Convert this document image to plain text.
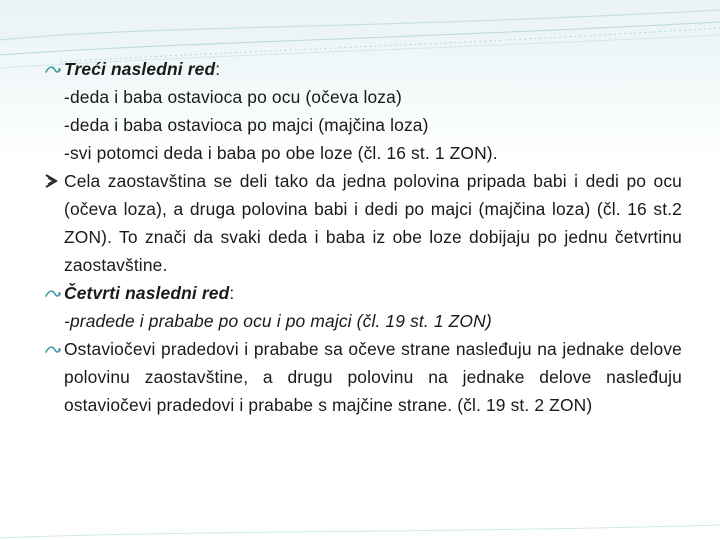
Treći nasledni red:

-deda i baba ostavioca po ocu (očeva loza)

-deda i baba ostavioca po majci (majčina loza)

-svi potomci deda i baba po obe loze (čl. 16 st. 1 ZON).

Cela zaostavština se deli tako da jedna polovina pripada babi i dedi po ocu (očeva loza), a druga polovina babi i dedi po majci (majčina loza) (čl. 16 st.2 ZON). To znači da svaki deda i baba iz obe loze dobijaju po jednu četvrtinu zaostavštine.

Četvrti nasledni red:

-pradede i prababe po ocu i po majci (čl. 19 st. 1 ZON)

Ostaviočevi pradedovi i prababe sa očeve strane nasleđuju na jednake delove polovinu zaostavštine, a drugu polovinu na jednake delove nasleđuju ostaviočevi pradedovi i prababe s majčine strane. (čl. 19 st. 2 ZON)
